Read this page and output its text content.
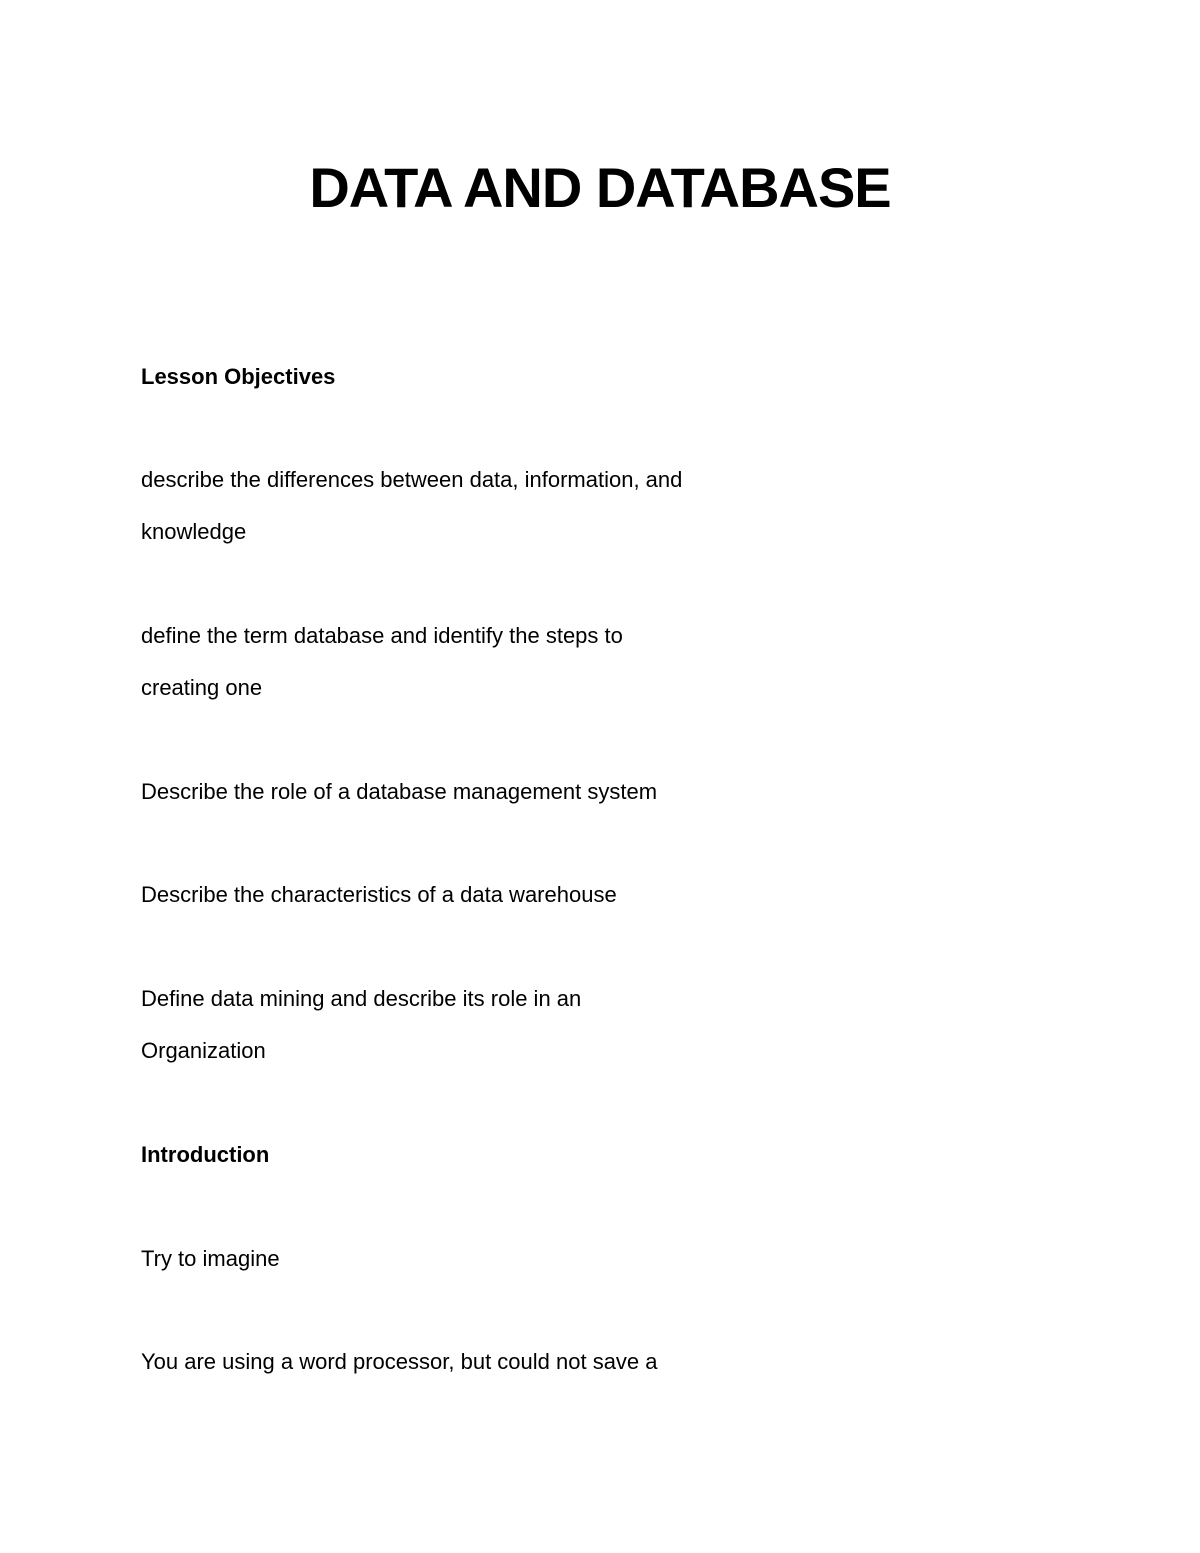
DATA AND DATABASE

Lesson Objectives

describe the differences between data, information, and

knowledge

define the term database and identify the steps to

creating one

Describe the role of a database management system

Describe the characteristics of a data warehouse

Define data mining and describe its role in an

Organization

Introduction

Try to imagine

You are using a word processor, but could not save a
